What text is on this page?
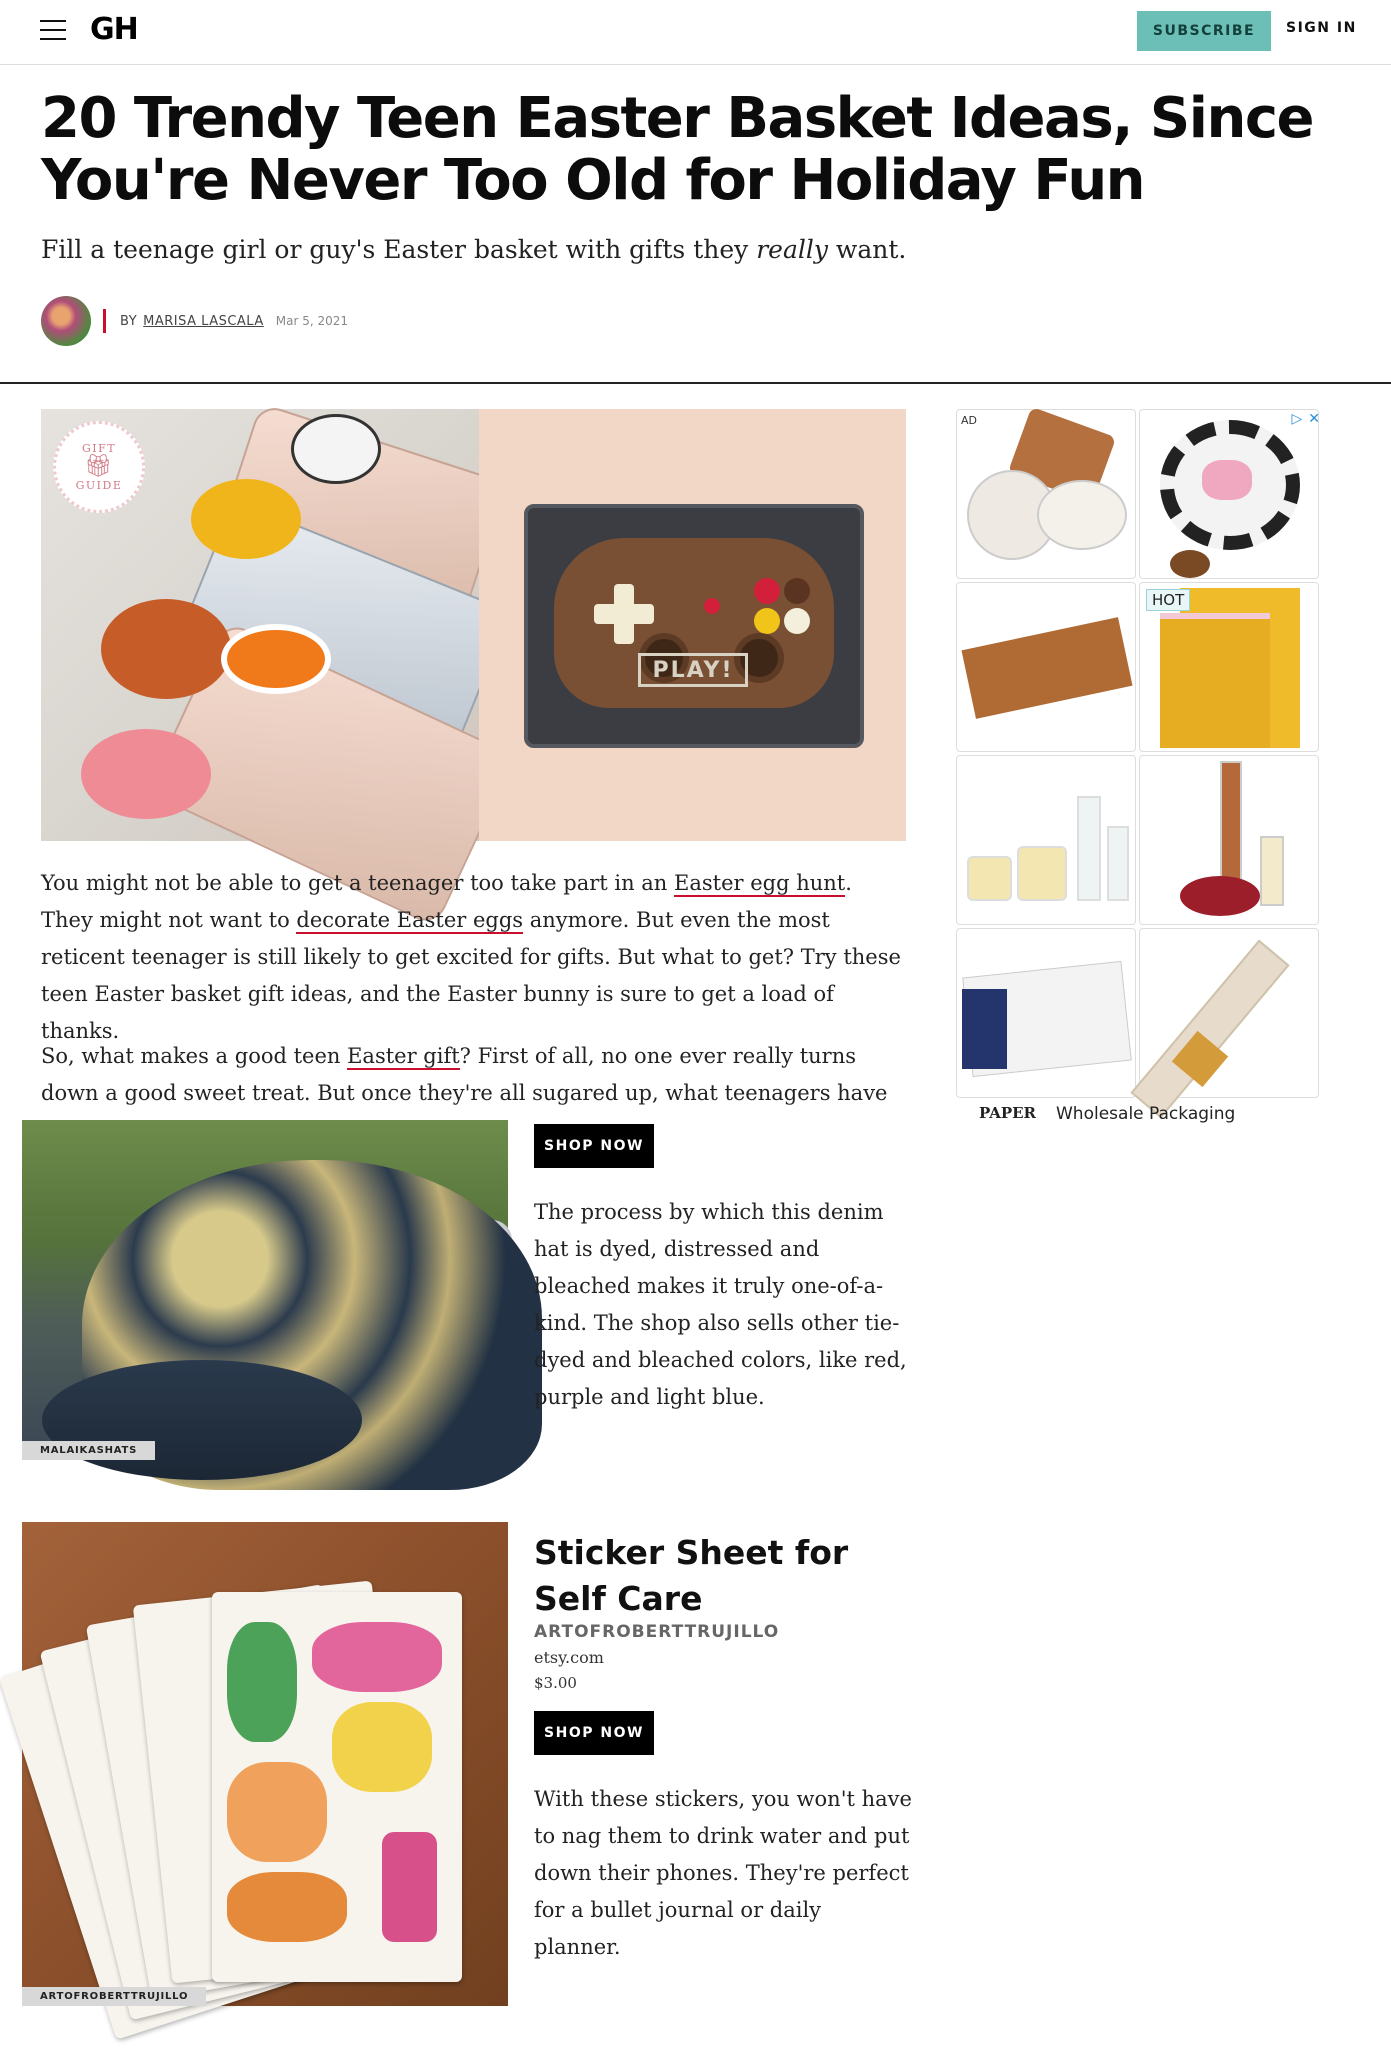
GH	SUBSCRIBE	SIGN IN
20 Trendy Teen Easter Basket Ideas, Since You're Never Too Old for Holiday Fun

Fill a teenage girl or guy's Easter basket with gifts they really want.

BY MARISA LASCALA Mar 5, 2021
GIFT
🎁︎
GUIDE
PLAY!

You might not be able to get a teenager too take part in an Easter egg hunt. They might not want to decorate Easter eggs anymore. But even the most reticent teenager is still likely to get excited for gifts. But what to get? Try these teen Easter basket gift ideas, and the Easter bunny is sure to get a load of thanks.

So, what makes a good teen Easter gift? First of all, no one ever really turns down a good sweet treat. But once they're all sugared up, what teenagers have

MALAIKASHATS
SHOP NOW

The process by which this denim hat is dyed, distressed and bleached makes it truly one-of-a-kind. The shop also sells other tie-dyed and bleached colors, like red, purple and light blue.

ARTOFROBERTTRUJILLO
Sticker Sheet for Self Care
ARTOFROBERTTRUJILLO
etsy.com
$3.00
SHOP NOW

With these stickers, you won't have to nag them to drink water and put down their phones. They're perfect for a bullet journal or daily planner.

AD	▷ ✕
HOT
PAPER Wholesale Packaging
